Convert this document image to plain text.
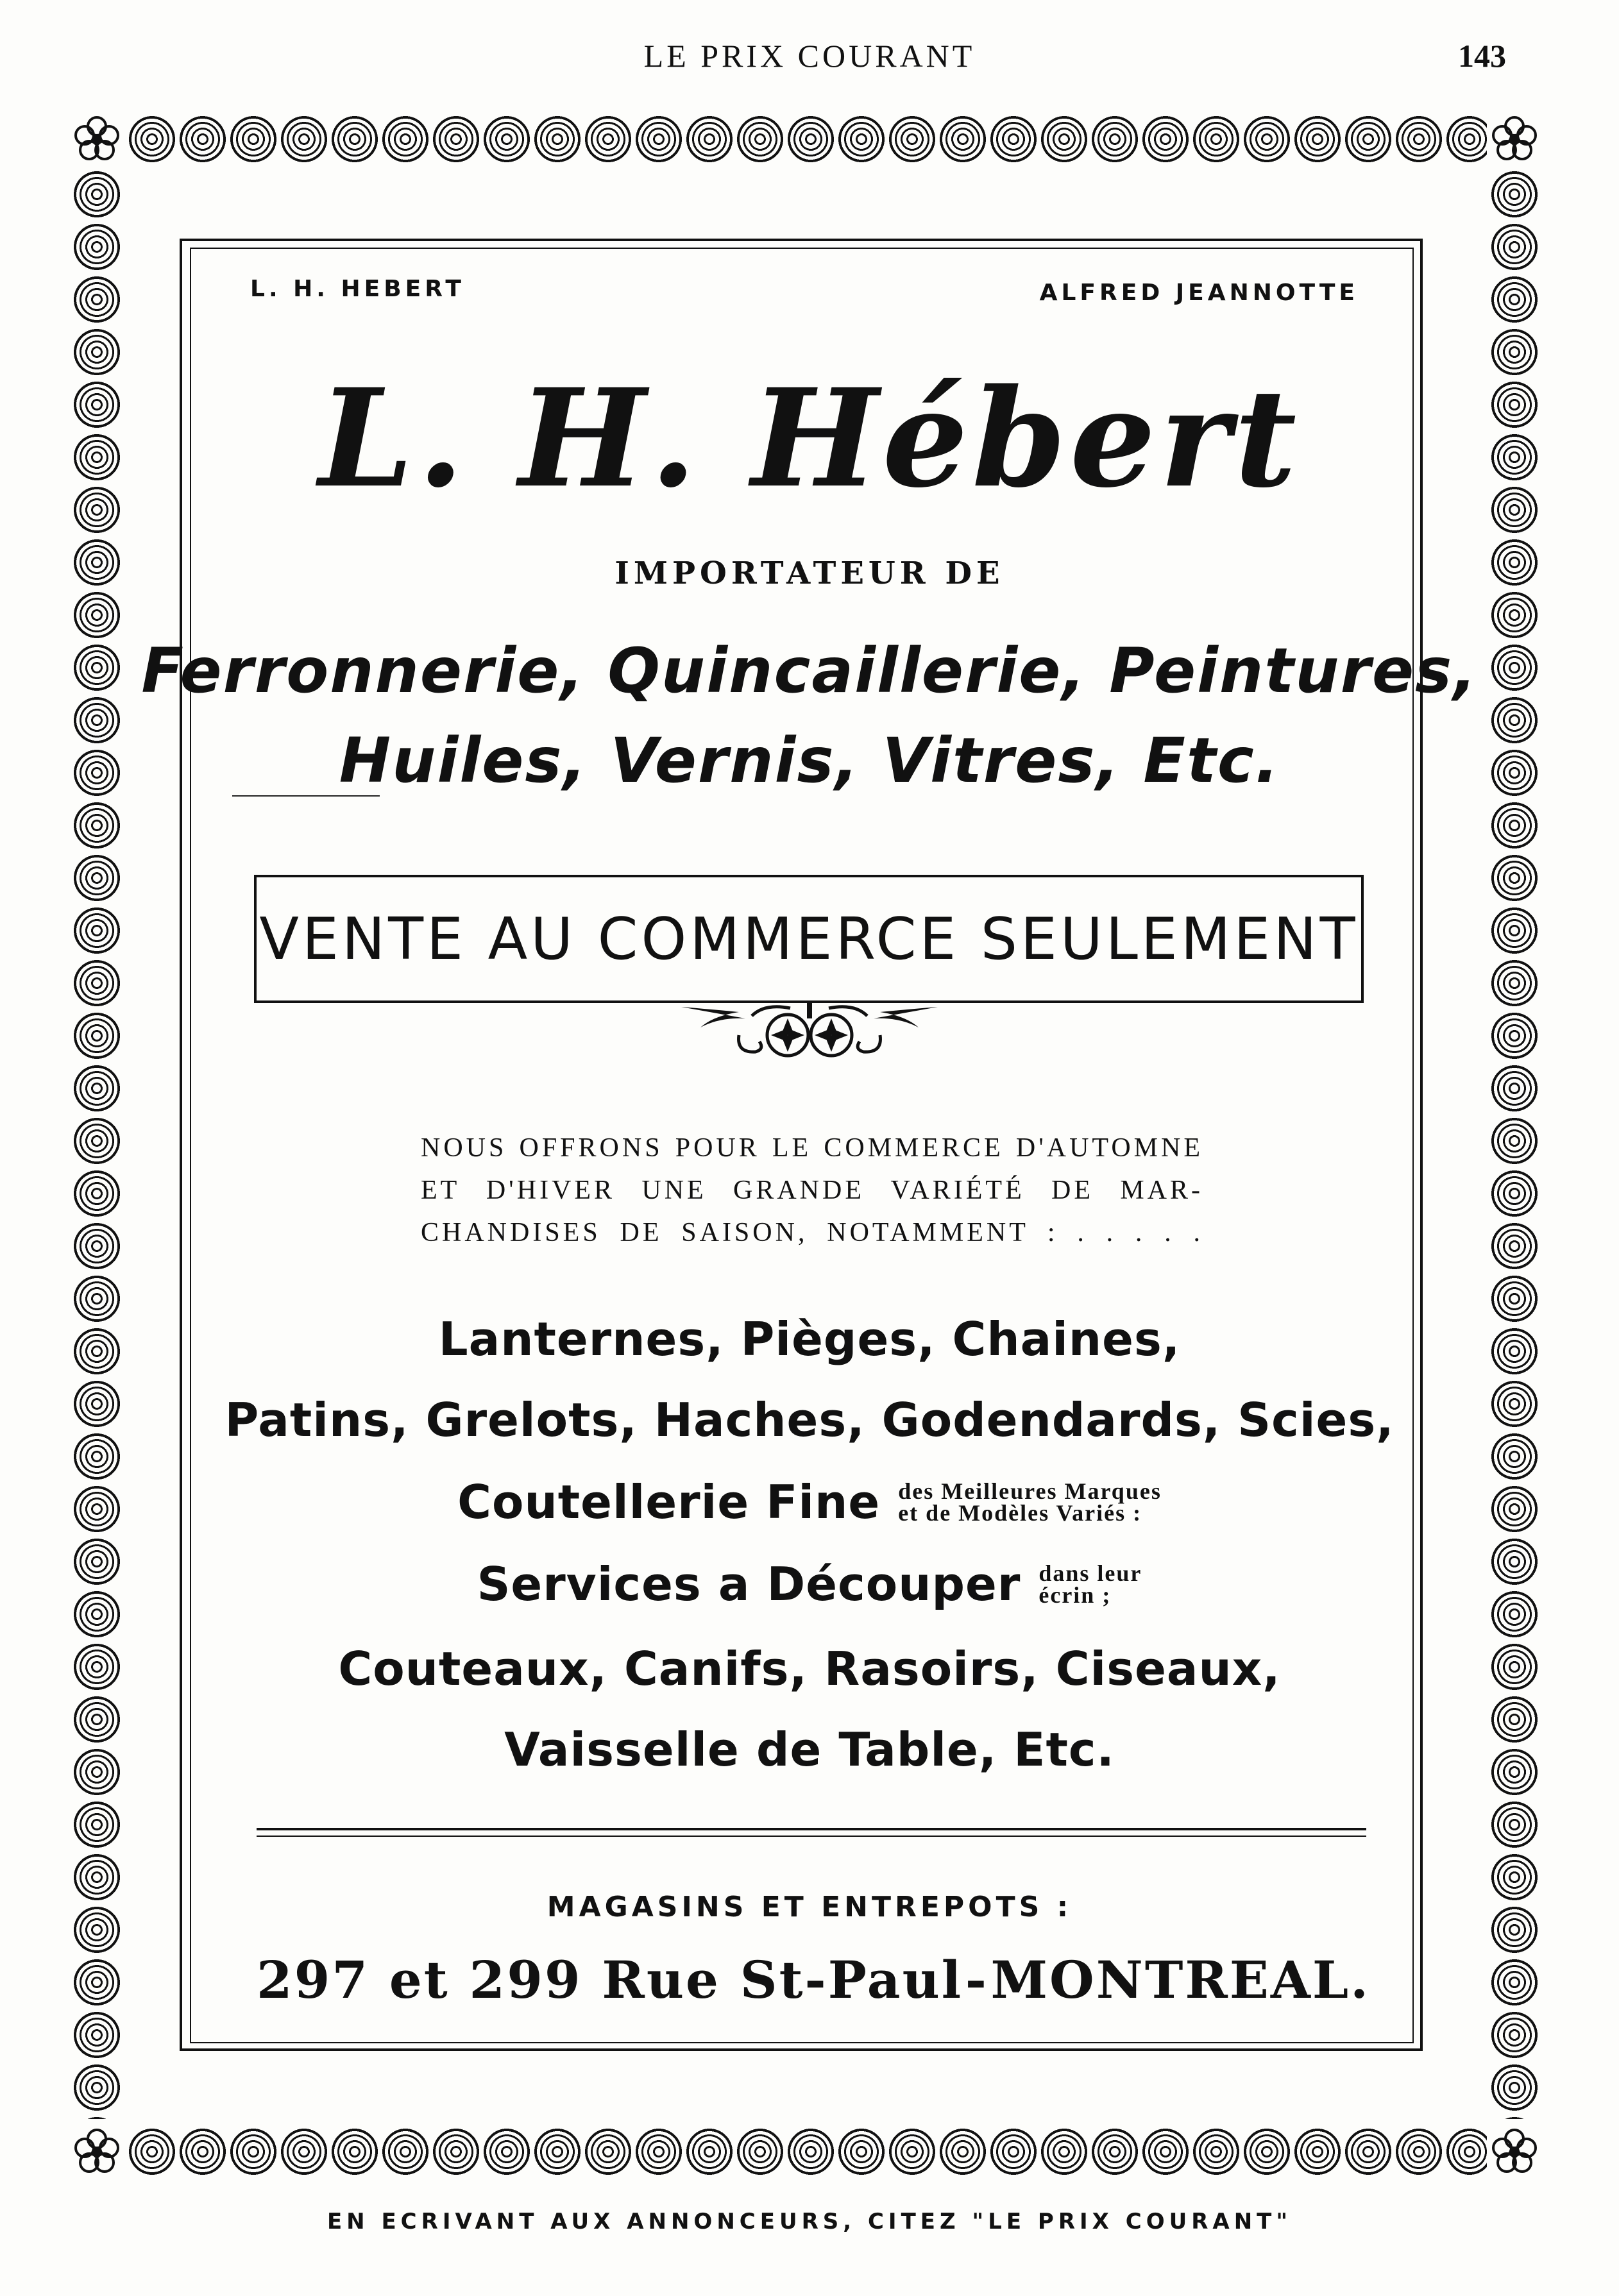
LE PRIX COURANT	143
L. H. HEBERT	ALFRED JEANNOTTE
L. H. Hébert
IMPORTATEUR DE
Ferronnerie, Quincaillerie, Peintures,
Huiles, Vernis, Vitres, Etc.
VENTE AU COMMERCE SEULEMENT
NOUS OFFRONS POUR LE COMMERCE D'AUTOMNE
ET D'HIVER UNE GRANDE VARIÉTÉ DE MAR-
CHANDISES DE SAISON, NOTAMMENT : . . . . .
Lanternes, Pièges, Chaines,
Patins, Grelots, Haches, Godendards, Scies,
Coutellerie Fine des Meilleures Marques
et de Modèles Variés :
Services a Découper dans leur
écrin ;
Couteaux, Canifs, Rasoirs, Ciseaux,
Vaisselle de Table, Etc.
MAGASINS ET ENTREPOTS :
297 et 299 Rue St-Paul - MONTREAL.
EN ECRIVANT AUX ANNONCEURS, CITEZ "LE PRIX COURANT"
